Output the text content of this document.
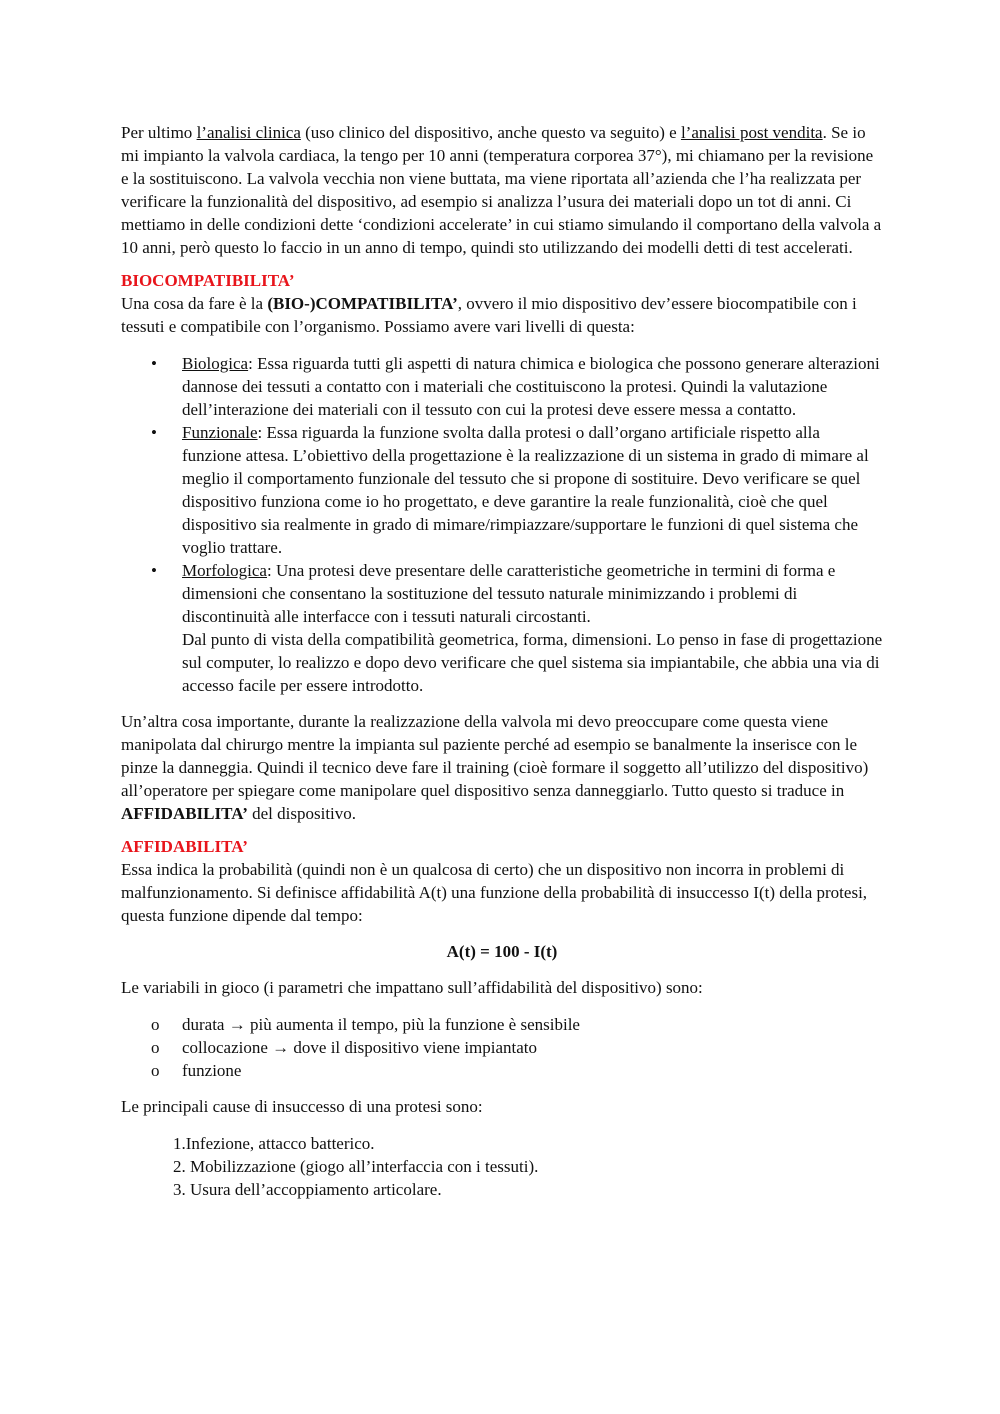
Per ultimo l’analisi clinica (uso clinico del dispositivo, anche questo va seguito) e l’analisi post vendita. Se io mi impianto la valvola cardiaca, la tengo per 10 anni (temperatura corporea 37°), mi chiamano per la revisione e la sostituiscono. La valvola vecchia non viene buttata, ma viene riportata all’azienda che l’ha realizzata per verificare la funzionalità del dispositivo, ad esempio si analizza l’usura dei materiali dopo un tot di anni. Ci mettiamo in delle condizioni dette ‘condizioni accelerate’ in cui stiamo simulando il comportano della valvola a 10 anni, però questo lo faccio in un anno di tempo, quindi sto utilizzando dei modelli detti di test accelerati.

BIOCOMPATIBILITA’

Una cosa da fare è la (BIO-)COMPATIBILITA’, ovvero il mio dispositivo dev’essere biocompatibile con i tessuti e compatibile con l’organismo. Possiamo avere vari livelli di questa:

• Biologica: Essa riguarda tutti gli aspetti di natura chimica e biologica che possono generare alterazioni dannose dei tessuti a contatto con i materiali che costituiscono la protesi. Quindi la valutazione dell’interazione dei materiali con il tessuto con cui la protesi deve essere messa a contatto.
• Funzionale: Essa riguarda la funzione svolta dalla protesi o dall’organo artificiale rispetto alla funzione attesa. L’obiettivo della progettazione è la realizzazione di un sistema in grado di mimare al meglio il comportamento funzionale del tessuto che si propone di sostituire. Devo verificare se quel dispositivo funziona come io ho progettato, e deve garantire la reale funzionalità, cioè che quel dispositivo sia realmente in grado di mimare/rimpiazzare/supportare le funzioni di quel sistema che voglio trattare.
• Morfologica: Una protesi deve presentare delle caratteristiche geometriche in termini di forma e dimensioni che consentano la sostituzione del tessuto naturale minimizzando i problemi di discontinuità alle interfacce con i tessuti naturali circostanti.
Dal punto di vista della compatibilità geometrica, forma, dimensioni. Lo penso in fase di progettazione sul computer, lo realizzo e dopo devo verificare che quel sistema sia impiantabile, che abbia una via di accesso facile per essere introdotto.

Un’altra cosa importante, durante la realizzazione della valvola mi devo preoccupare come questa viene manipolata dal chirurgo mentre la impianta sul paziente perché ad esempio se banalmente la inserisce con le pinze la danneggia. Quindi il tecnico deve fare il training (cioè formare il soggetto all’utilizzo del dispositivo) all’operatore per spiegare come manipolare quel dispositivo senza danneggiarlo. Tutto questo si traduce in AFFIDABILITA’ del dispositivo.

AFFIDABILITA’

Essa indica la probabilità (quindi non è un qualcosa di certo) che un dispositivo non incorra in problemi di malfunzionamento. Si definisce affidabilità A(t) una funzione della probabilità di insuccesso I(t) della protesi, questa funzione dipende dal tempo:

A(t) = 100 - I(t)

Le variabili in gioco (i parametri che impattano sull’affidabilità del dispositivo) sono:

o durata → più aumenta il tempo, più la funzione è sensibile
o collocazione → dove il dispositivo viene impiantato
o funzione

Le principali cause di insuccesso di una protesi sono:

1.Infezione, attacco batterico.
2. Mobilizzazione (giogo all’interfaccia con i tessuti).
3. Usura dell’accoppiamento articolare.
